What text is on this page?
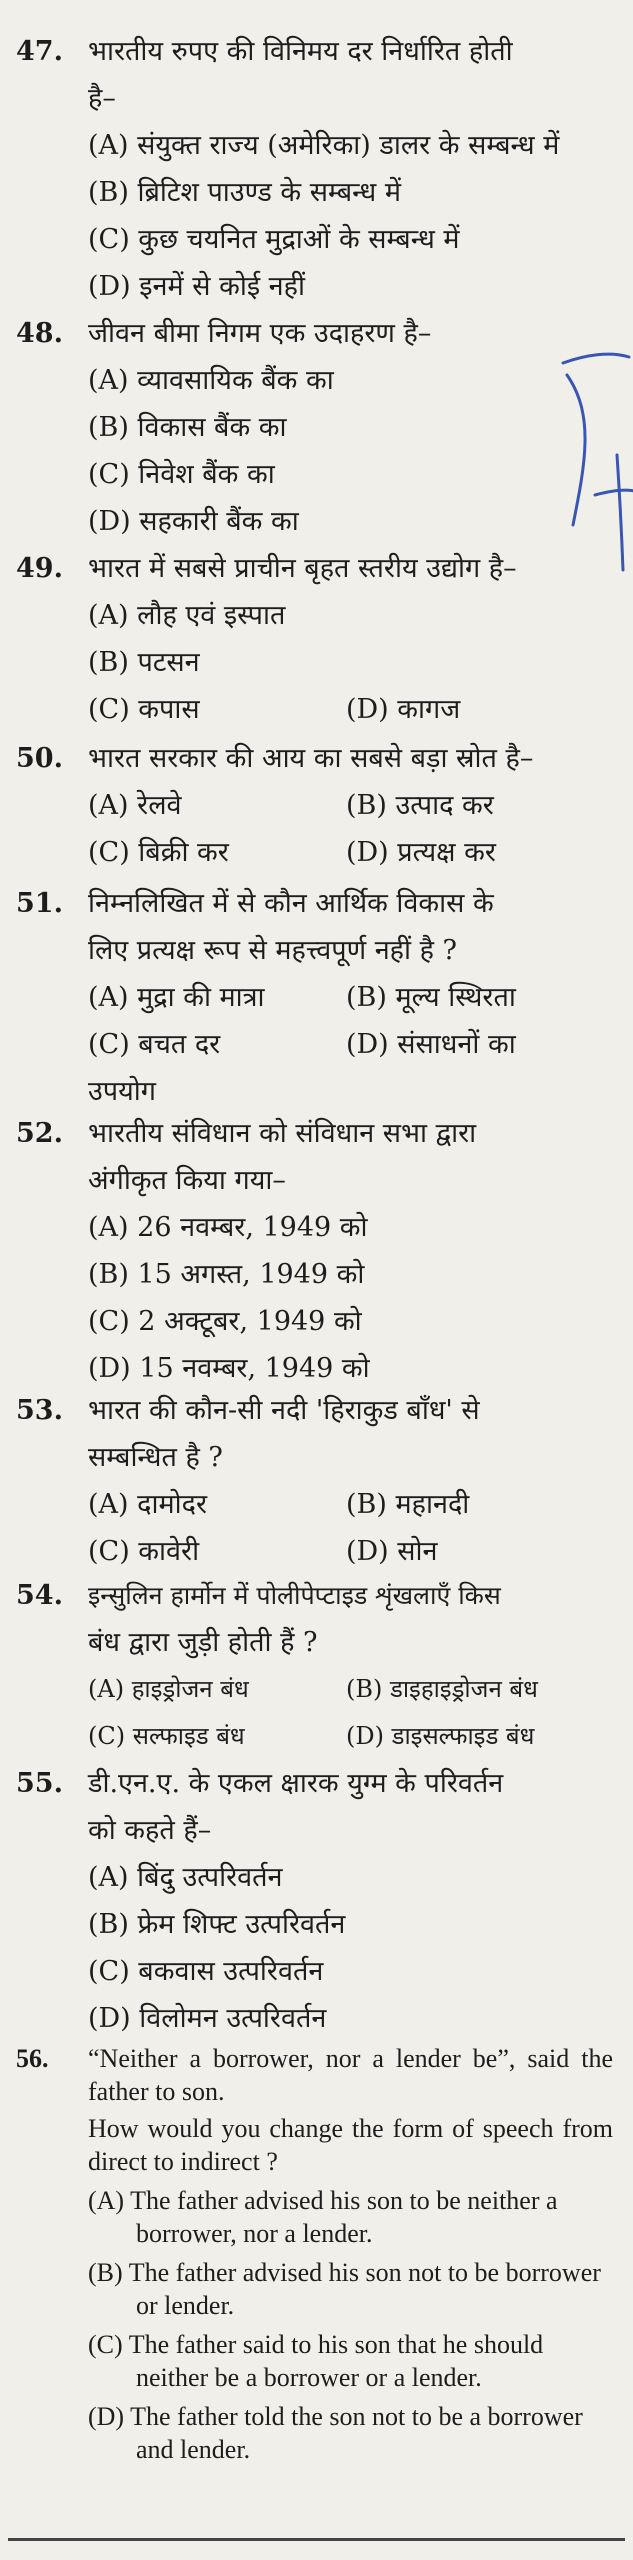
47. भारतीय रुपए की विनिमय दर निर्धारित होती
है–
(A) संयुक्त राज्य (अमेरिका) डालर के सम्बन्ध में
(B) ब्रिटिश पाउण्ड के सम्बन्ध में
(C) कुछ चयनित मुद्राओं के सम्बन्ध में
(D) इनमें से कोई नहीं
48. जीवन बीमा निगम एक उदाहरण है–
(A) व्यावसायिक बैंक का
(B) विकास बैंक का
(C) निवेश बैंक का
(D) सहकारी बैंक का
49. भारत में सबसे प्राचीन बृहत स्तरीय उद्योग है–
(A) लौह एवं इस्पात
(B) पटसन
(C) कपास	(D) कागज
50. भारत सरकार की आय का सबसे बड़ा स्रोत है–
(A) रेलवे	(B) उत्पाद कर
(C) बिक्री कर	(D) प्रत्यक्ष कर
51. निम्नलिखित में से कौन आर्थिक विकास के
लिए प्रत्यक्ष रूप से महत्त्वपूर्ण नहीं है ?
(A) मुद्रा की मात्रा	(B) मूल्य स्थिरता
(C) बचत दर	(D) संसाधनों का
उपयोग
52. भारतीय संविधान को संविधान सभा द्वारा
अंगीकृत किया गया–
(A) 26 नवम्बर, 1949 को
(B) 15 अगस्त, 1949 को
(C) 2 अक्टूबर, 1949 को
(D) 15 नवम्बर, 1949 को
53. भारत की कौन-सी नदी 'हिराकुड बाँध' से
सम्बन्धित है ?
(A) दामोदर	(B) महानदी
(C) कावेरी	(D) सोन
54. इन्सुलिन हार्मोन में पोलीपेप्टाइड शृंखलाएँ किस
बंध द्वारा जुड़ी होती हैं ?
(A) हाइड्रोजन बंध	(B) डाइहाइड्रोजन बंध
(C) सल्फाइड बंध	(D) डाइसल्फाइड बंध
55. डी.एन.ए. के एकल क्षारक युग्म के परिवर्तन
को कहते हैं–
(A) बिंदु उत्परिवर्तन
(B) फ्रेम शिफ्ट उत्परिवर्तन
(C) बकवास उत्परिवर्तन
(D) विलोमन उत्परिवर्तन
56. “Neither a borrower, nor a lender be”, said the father to son.
How would you change the form of speech from direct to indirect ?
(A) The father advised his son to be neither a borrower, nor a lender.
(B) The father advised his son not to be borrower or lender.
(C) The father said to his son that he should neither be a borrower or a lender.
(D) The father told the son not to be a borrower and lender.
